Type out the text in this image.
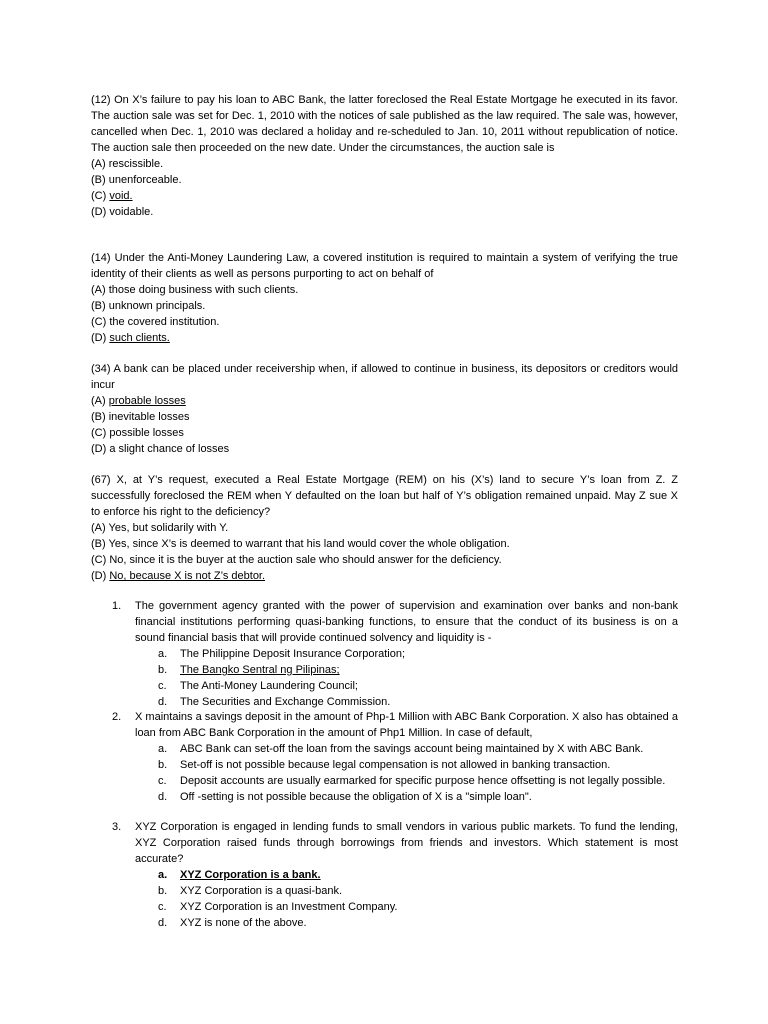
(12) On X’s failure to pay his loan to ABC Bank, the latter foreclosed the Real Estate Mortgage he executed in its favor. The auction sale was set for Dec. 1, 2010 with the notices of sale published as the law required. The sale was, however, cancelled when Dec. 1, 2010 was declared a holiday and re-scheduled to Jan. 10, 2011 without republication of notice. The auction sale then proceeded on the new date. Under the circumstances, the auction sale is
(A) rescissible.
(B) unenforceable.
(C) void.
(D) voidable.
(14) Under the Anti-Money Laundering Law, a covered institution is required to maintain a system of verifying the true identity of their clients as well as persons purporting to act on behalf of
(A) those doing business with such clients.
(B) unknown principals.
(C) the covered institution.
(D) such clients.
(34) A bank can be placed under receivership when, if allowed to continue in business, its depositors or creditors would incur
(A) probable losses
(B) inevitable losses
(C) possible losses
(D) a slight chance of losses
(67) X, at Y’s request, executed a Real Estate Mortgage (REM) on his (X’s) land to secure Y’s loan from Z. Z successfully foreclosed the REM when Y defaulted on the loan but half of Y’s obligation remained unpaid. May Z sue X to enforce his right to the deficiency?
(A) Yes, but solidarily with Y.
(B) Yes, since X’s is deemed to warrant that his land would cover the whole obligation.
(C) No, since it is the buyer at the auction sale who should answer for the deficiency.
(D) No, because X is not Z’s debtor.
1.	The government agency granted with the power of supervision and examination over banks and non-bank financial institutions performing quasi-banking functions, to ensure that the conduct of its business is on a sound financial basis that will provide continued solvency and liquidity is -
a. The Philippine Deposit Insurance Corporation;
b. The Bangko Sentral ng Pilipinas;
c. The Anti-Money Laundering Council;
d. The Securities and Exchange Commission.
2.	X maintains a savings deposit in the amount of Php-1 Million with ABC Bank Corporation. X also has obtained a loan from ABC Bank Corporation in the amount of Php1 Million. In case of default,
a. ABC Bank can set-off the loan from the savings account being maintained by X with ABC Bank.
b. Set-off is not possible because legal compensation is not allowed in banking transaction.
c. Deposit accounts are usually earmarked for specific purpose hence offsetting is not legally possible.
d. Off -setting is not possible because the obligation of X is a "simple loan".
3.	XYZ Corporation is engaged in lending funds to small vendors in various public markets. To fund the lending, XYZ Corporation raised funds through borrowings from friends and investors. Which statement is most accurate?
a. XYZ Corporation is a bank.
b. XYZ Corporation is a quasi-bank.
c. XYZ Corporation is an Investment Company.
d. XYZ is none of the above.
